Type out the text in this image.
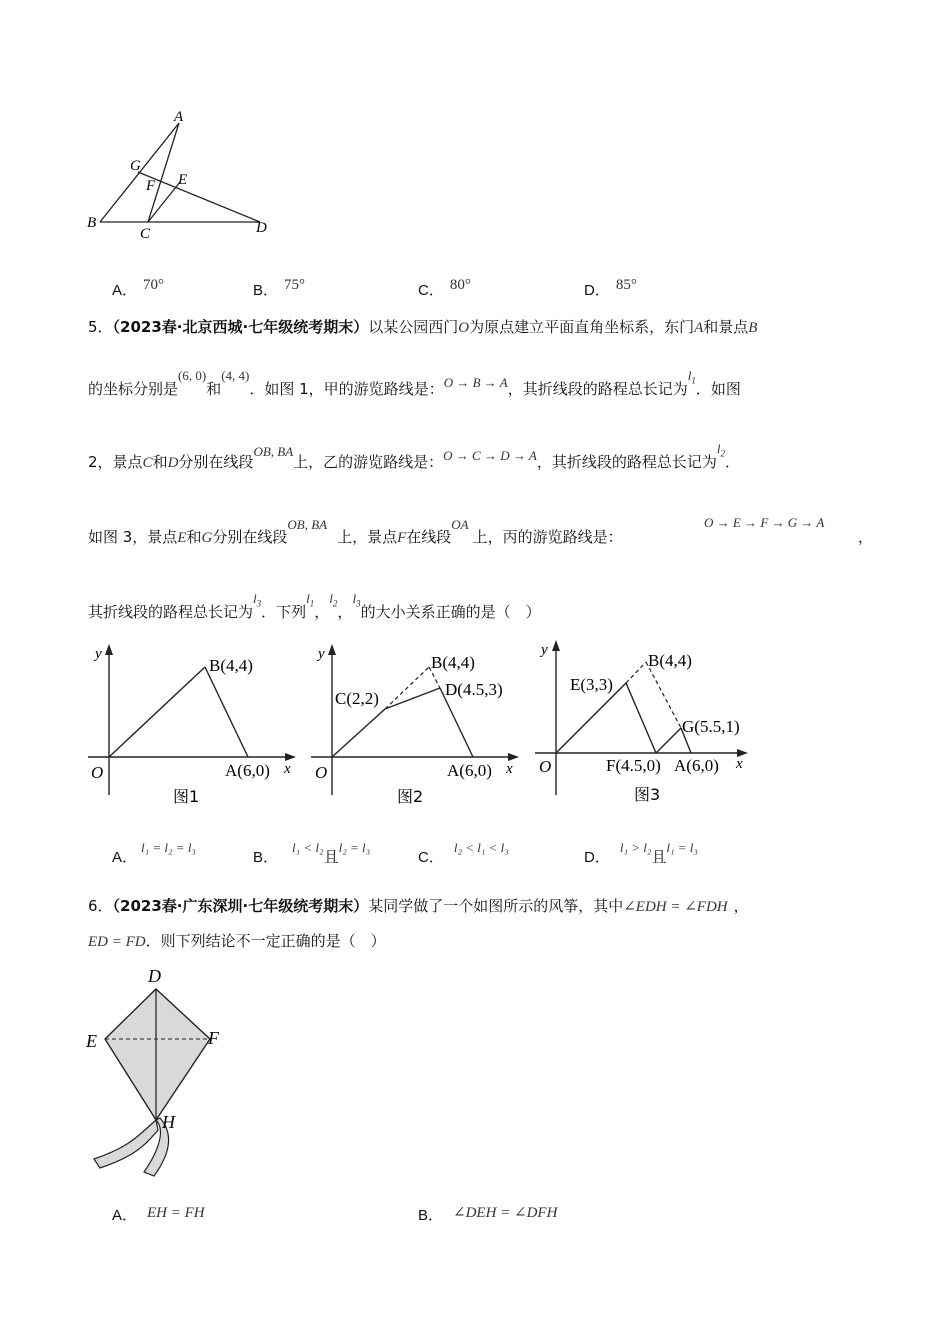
A
G
F E
B
C	D
A． 70°	B． 75°	C． 80°	D． 85°
5．（2023春·北京西城·七年级统考期末）以某公园西门O为原点建立平面直角坐标系，东门A和景点B
的坐标分别是(6, 0)和(4, 4)．如图 1，甲的游览路线是：O → B → A，其折线段的路程总长记为$l_1$．如图
2，景点C和D分别在线段OB, BA上，乙的游览路线是：O → C → D → A，其折线段的路程总长记为$l_2$．
如图 3，景点E和G分别在线段OB, BA上，景点F在线段OA上，丙的游览路线是：
O → E → F → G → A
，
其折线段的路程总长记为$l_3$．下列$l_1$，$l_2$，$l_3$的大小关系正确的是（　）
y
x
O
B(4,4)
A(6,0)
图1
y
x
O
B(4,4)
C(2,2)	D(4.5,3)
A(6,0)
图2
y
x
O
B(4,4)
E(3,3)
G(5.5,1)
F(4.5,0) A(6,0)
图3
A．l₁ = l₂ = l₃
B．l₁ < l₂且l₂ = l₃
C．l₂ < l₁ < l₃
D．l₁ > l₂且l₁ = l₃
6．（2023春·广东深圳·七年级统考期末）某同学做了一个如图所示的风筝，其中∠EDH = ∠FDH ，
ED = FD．则下列结论不一定正确的是（　）
D
E	F
H
A． EH = FH	B． ∠DEH = ∠DFH
